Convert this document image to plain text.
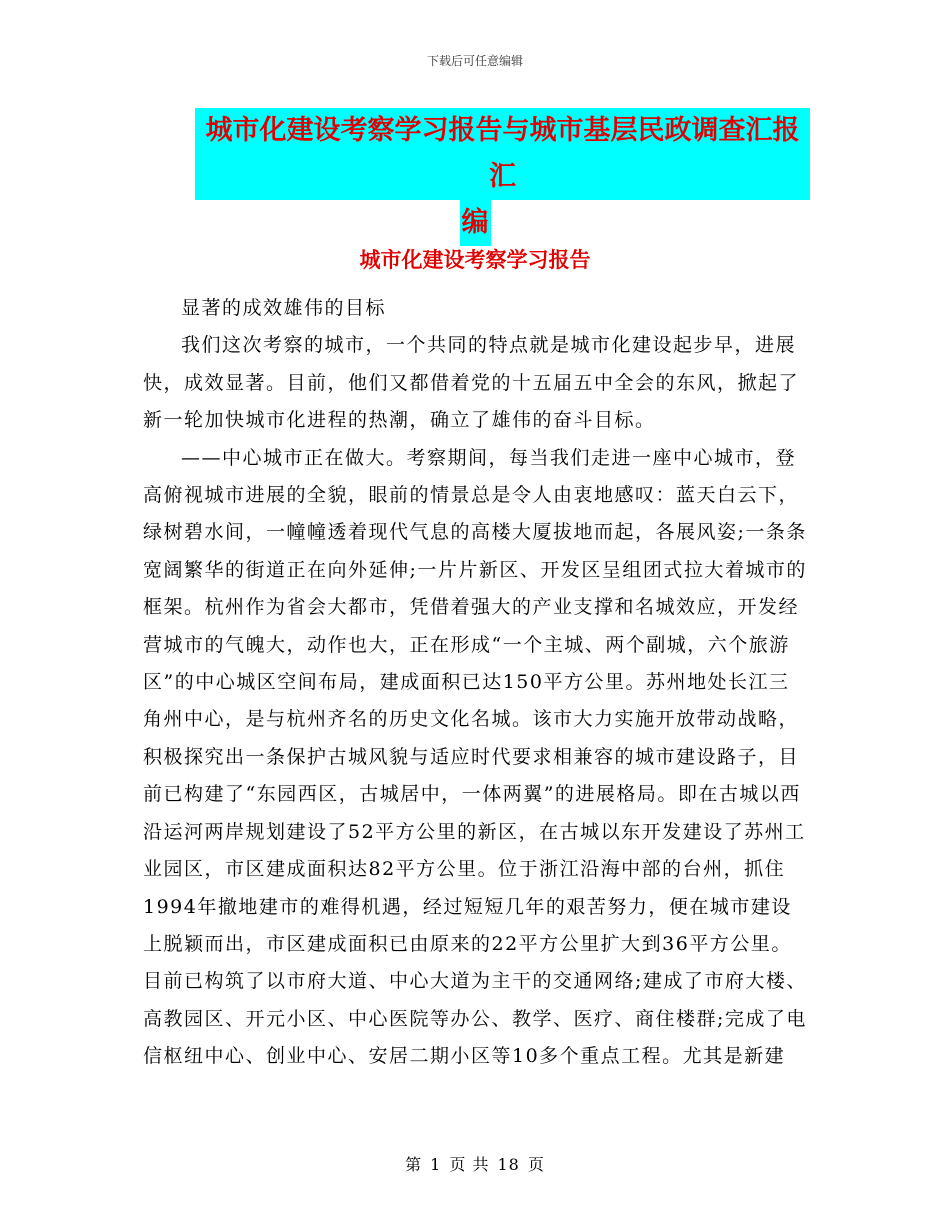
下载后可任意编辑
城市化建设考察学习报告与城市基层民政调查汇报汇
编
城市化建设考察学习报告

显著的成效雄伟的目标

我们这次考察的城市，一个共同的特点就是城市化建设起步早，进展快，成效显著。目前，他们又都借着党的十五届五中全会的东风，掀起了新一轮加快城市化进程的热潮，确立了雄伟的奋斗目标。

——中心城市正在做大。考察期间，每当我们走进一座中心城市，登高俯视城市进展的全貌，眼前的情景总是令人由衷地感叹：蓝天白云下，绿树碧水间，一幢幢透着现代气息的高楼大厦拔地而起，各展风姿;一条条宽阔繁华的街道正在向外延伸;一片片新区、开发区呈组团式拉大着城市的框架。杭州作为省会大都市，凭借着强大的产业支撑和名城效应，开发经营城市的气魄大，动作也大，正在形成“一个主城、两个副城，六个旅游区”的中心城区空间布局，建成面积已达150平方公里。苏州地处长江三角州中心，是与杭州齐名的历史文化名城。该市大力实施开放带动战略，积极探究出一条保护古城风貌与适应时代要求相兼容的城市建设路子，目前已构建了“东园西区，古城居中，一体两翼”的进展格局。即在古城以西沿运河两岸规划建设了52平方公里的新区，在古城以东开发建设了苏州工业园区，市区建成面积达82平方公里。位于浙江沿海中部的台州，抓住1994年撤地建市的难得机遇，经过短短几年的艰苦努力，便在城市建设上脱颖而出，市区建成面积已由原来的22平方公里扩大到36平方公里。目前已构筑了以市府大道、中心大道为主干的交通网络;建成了市府大楼、高教园区、开元小区、中心医院等办公、教学、医疗、商住楼群;完成了电信枢纽中心、创业中心、安居二期小区等10多个重点工程。尤其是新建

第 1 页 共 18 页
